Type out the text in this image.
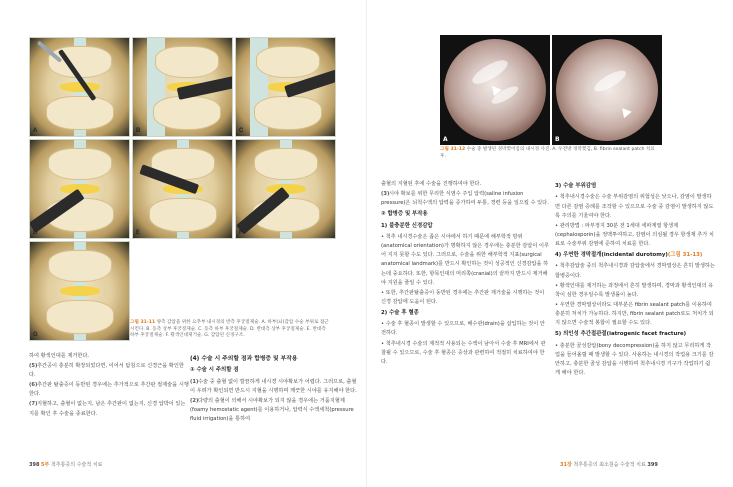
A	B	C
D	E	F
G
그림 31-11 양측 감압을 위한 요추부 내시경의 반측 후궁절제술. A. 하부(뇌)감압 수술 부위로 접근시킨다. B. 동측 상부 후궁절제술. C. 동측 하부 후궁절제술. D. 반대측 상부 후궁절제술. E. 반대측 하부 후궁절제술. F. 황색인대제거술. G. 감압된 신경구조.

하여 황색인대를 제거한다.

(5)추간공이 충분히 확장되었다면, 이어서 탐침으로 신경근을 확인한다.

(6)추간판 탈출증이 동반된 경우에는 추가적으로 추간판 절제술을 시행한다.

(7)지혈하고, 출혈이 없는지, 남은 추간판이 없는지, 신경 압박이 있는지를 확인 후 수술을 종료한다.

(4) 수술 시 주의할 점과 합병증 및 부작용

① 수술 시 주의할 점

(1)수술 중 출혈 없이 깔끔하게 내시경 시야확보가 어렵다. 그러므로, 출혈이 우려가 확인되면 반드시 지혈을 시행하며 깨끗한 시야를 유지해야 한다.

(2)다량의 출혈이 의해서 시야확보가 되지 않을 경우에는 거품지혈제(foamy hemostatic agent)를 이용하거나, 압력식 수액세척(pressure fluid irrigation)을 통하여

398 5부 척추통증의 수술적 치료
A	B
그림 31-12 수술 중 발생된 경막찢어짐의 내시경 사진. A. 우전방 경막찢김, B. fibrin sealant patch 치료 후.

출혈의 지혈된 후에 수술을 진행하여야 한다.

(3)시야 확보를 위한 무리한 식염수 주입 압력(saline infusion pressure)은 뇌척수액의 압력을 증가하여 두통, 경련 등을 일으킬 수 있다.

② 합병증 및 부작용

1) 불충분한 신경감압

• 척추 내시경수술은 좁은 시야에서 하기 때문에 해부학적 방위(anatomical orientation)가 명확하지 않은 경우에는 충분한 감압이 이루어 지지 못할 수도 있다. 그러므로, 수술을 위한 해부학적 지표(surgical anatomical landmark)를 반드시 확인하는 것이 성공적인 신경감압을 하는데 중요하다. 또한, 항목인대의 머리쪽(cranial)의 끝까지 반드시 제거해야 지원을 줄일 수 있다.

• 또한, 추간판탈출증이 동반된 경우에는 추간판 제거술을 시행하는 것이 신경 감압에 도움이 된다.

2) 수술 후 혈종

• 수술 후 혈종이 발생할 수 있으므로, 배수관(drain)을 삽입하는 것이 안전하다.

• 척추내시경 수술의 제적적 사용되는 수액이 남아서 수술 후 MRI에서 관찰될 수 있으므로, 수술 후 혈종은 증상과 관련하여 적절히 치료하여야 한다.

3) 수술 부위감염

• 척추내시경수술은 수술 부위감염의 위험성은 낮으나, 감염이 발생하면 다른 감염 증례를 조작할 수 있으므로 수술 중 감염이 발생하지 않도록 주의를 기울여야 한다.

• 관리방법 : 파부정지 30분 전 1세대 세파계열 항생제(cephalosporin)을 정맥투여하고, 감염이 의심될 경우 항생제 추가 치료로 수술부위 감염에 준하여 치료를 한다.

4) 우연한 경막절개(incidental durotomy)(그림 31-13)

• 척추감압술 중의 척추내시경과 감압술에서 경막열상은 흔히 발생하는 합병증이다.

• 황색인대를 제거하는 과정에서 흔히 발생하며, 경막과 황색인대의 유착이 심한 경우일수록 발생률이 높다.

• 우연한 경막열상이라도 대부분은 fibrin sealant patch를 이용하여 충분히 처치가 가능하다. 하지만, fibrin sealant patch로도 처치가 되지 않으면 수술적 봉합이 필요할 수도 있다.

5) 의인성 추간절관절(iatrogenic facet fracture)

• 충분한 골성감압(bony decompression)을 하지 않고 무리하게 작업을 들어올릴 때 발생할 수 있다. 사용하는 내시경의 작업용 크기를 감안하고, 충분한 골성 감압을 시행하며 척추내시경 기구가 작업하기 쉽게 해야 한다.

31장 척추통증의 최소침습 수술적 치료 399
